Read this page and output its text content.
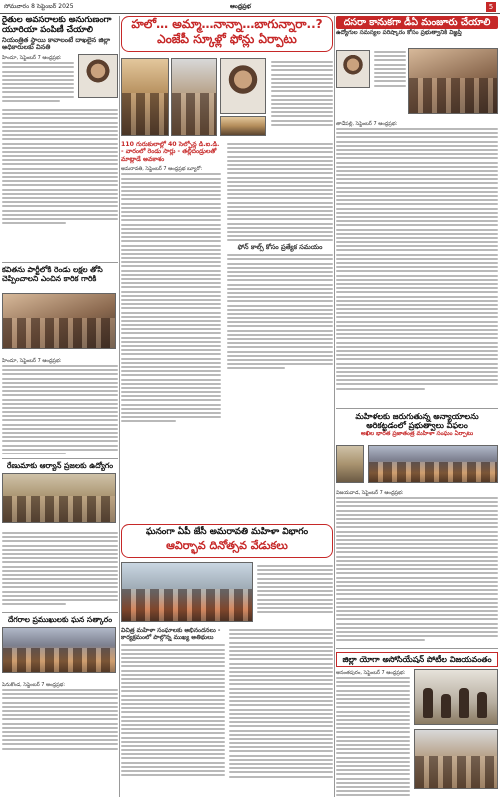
సోమవారం 8 సెప్టెంబర్ 2025	ఆంధ్రప్రభ	5
రైతుల అవసరాలకు అనుగుణంగా యూరియా పంపిణీ చేయాలి
నియంత్రిత స్థాయి కావాలంటే దాఖలైన జిల్లా అధికారులకు వినతి
హిందూ, సెప్టెంబర్ 7 ఆంధ్రప్రభ:
కవితను పార్టీలోకి రెండు లక్షల తోసి చెప్పించాలని ఎంచిన కారిక గారికి
హిందూ, సెప్టెంబర్ 7 ఆంధ్రప్రభ:
రేణుమాకు ఆర్యాన్ ప్రజలకు ఉద్యోగం
దేగరాల ప్రముఖులకు ఘన సత్కారం
పెనుకొండ, సెప్టెంబర్ 7 ఆంధ్రప్రభ:
హలో… అమ్మా…నాన్నా…బాగున్నారా..?
ఎంజేపీ స్కూళ్లో ఫోన్లు ఏర్పాటు
110 గురుకులాల్లో 40 సెల్ఫోన్ల డి.ఐ.డి. - వారంలో రెండు సార్లు - తల్లిదండ్రులతో మాట్లాడే అవకాశం
అమరావతి, సెప్టెంబర్ 7 ఆంధ్రప్రభ బ్యూరో:
ఫోన్ కాల్స్ కోసం ప్రత్యేక సమయం
ఘనంగా ఏపీ జేసీ అమరావతి మహిళా విభాగం
ఆవిర్భావ దినోత్సవ వేడుకలు
విచిత్ర మహిళా సంఘాలకు అభినందనలు - కార్యక్రమంలో పాల్గొన్న ముఖ్య అతిథులు
దసరా కానుకగా డీఏ మంజూరు చేయాలి
ఉద్యోగుల సమస్యల పరిష్కారం కోసం ప్రభుత్వానికి విజ్ఞప్తి
తాడేపల్లి, సెప్టెంబర్ 7 ఆంధ్రప్రభ:
మహిళలకు జరుగుతున్న అన్యాయాలను అరికట్టడంలో ప్రభుత్వాలు విఫలం
అఖిల భారత ప్రజాతంత్ర మహిళా సంఘం ఏర్పాటు
విజయవాడ, సెప్టెంబర్ 7 ఆంధ్రప్రభ:
జిల్లా యోగా అసోసియేషన్ పోటీల విజయవంతం
అనంతపురం, సెప్టెంబర్ 7 ఆంధ్రప్రభ:
